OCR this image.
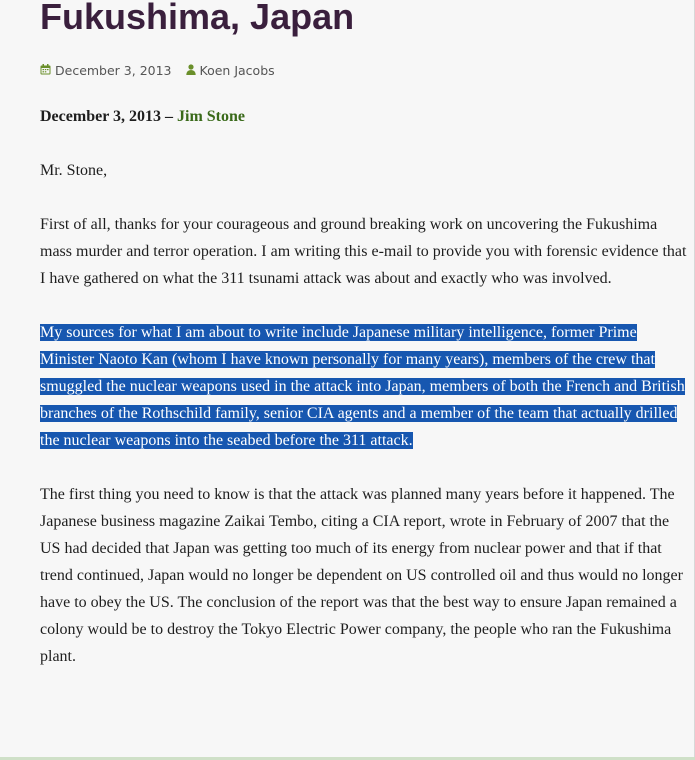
Fukushima, Japan
December 3, 2013 Koen Jacobs

December 3, 2013 – Jim Stone

Mr. Stone,

First of all, thanks for your courageous and ground breaking work on uncovering the Fukushima mass murder and terror operation. I am writing this e-mail to provide you with forensic evidence that I have gathered on what the 311 tsunami attack was about and exactly who was involved.

My sources for what I am about to write include Japanese military intelligence, former Prime Minister Naoto Kan (whom I have known personally for many years), members of the crew that smuggled the nuclear weapons used in the attack into Japan, members of both the French and British branches of the Rothschild family, senior CIA agents and a member of the team that actually drilled the nuclear weapons into the seabed before the 311 attack.

The first thing you need to know is that the attack was planned many years before it happened. The Japanese business magazine Zaikai Tembo, citing a CIA report, wrote in February of 2007 that the US had decided that Japan was getting too much of its energy from nuclear power and that if that trend continued, Japan would no longer be dependent on US controlled oil and thus would no longer have to obey the US. The conclusion of the report was that the best way to ensure Japan remained a colony would be to destroy the Tokyo Electric Power company, the people who ran the Fukushima plant.
